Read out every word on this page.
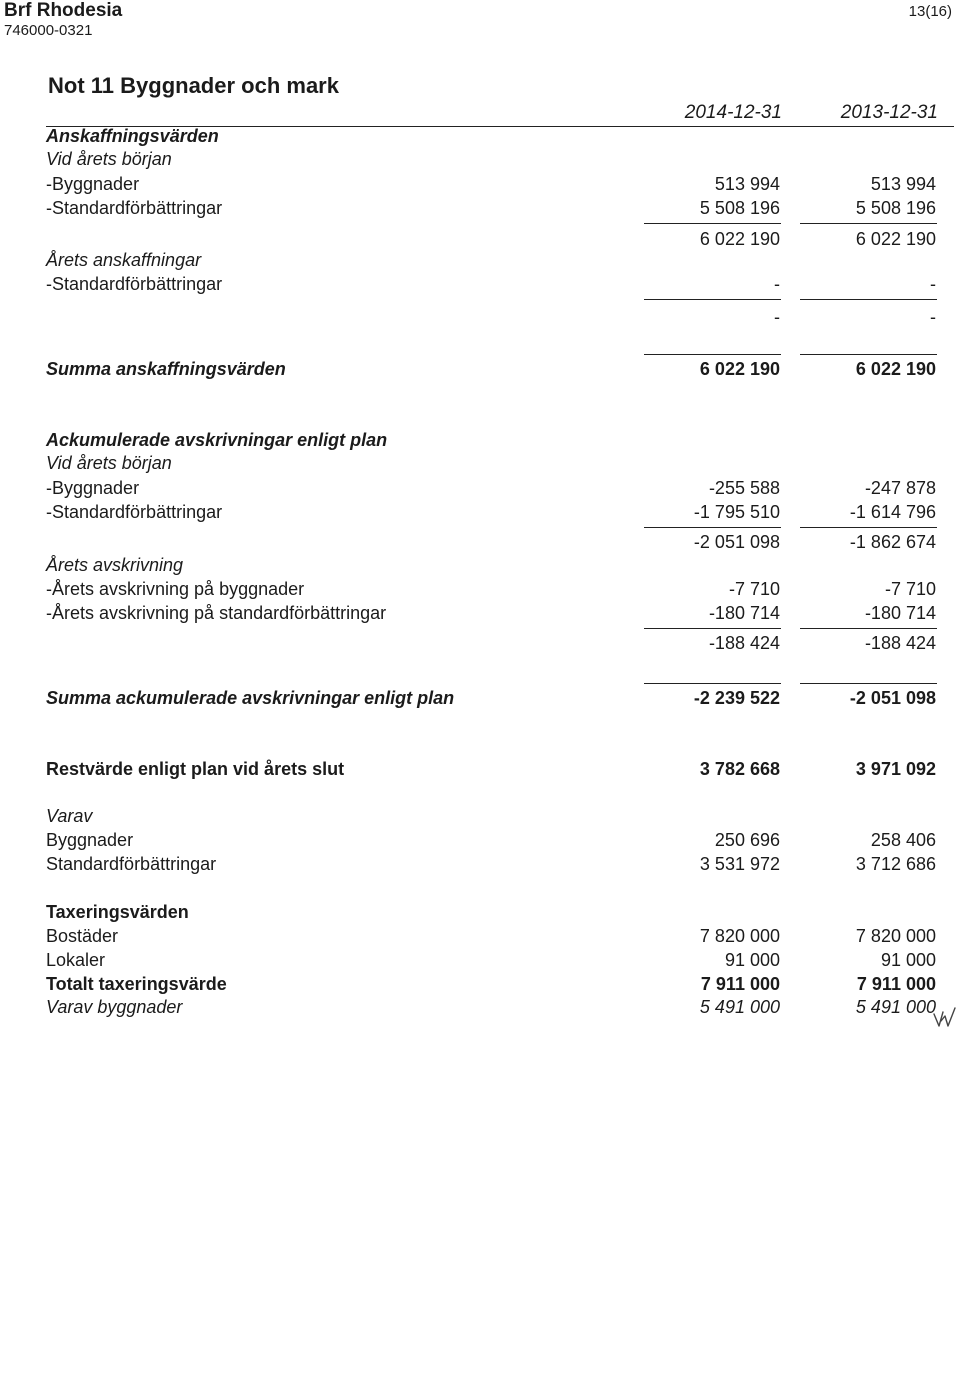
Brf Rhodesia
746000-0321
13(16)
Not 11 Byggnader och mark
2014-12-31	2013-12-31
Anskaffningsvärden
Vid årets början
-Byggnader	513 994	513 994
-Standardförbättringar	5 508 196	5 508 196
6 022 190	6 022 190
Årets anskaffningar
-Standardförbättringar	-	-
-	-
Summa anskaffningsvärden	6 022 190	6 022 190
Ackumulerade avskrivningar enligt plan
Vid årets början
-Byggnader	-255 588	-247 878
-Standardförbättringar	-1 795 510	-1 614 796
-2 051 098	-1 862 674
Årets avskrivning
-Årets avskrivning på byggnader	-7 710	-7 710
-Årets avskrivning på standardförbättringar	-180 714	-180 714
-188 424	-188 424
Summa ackumulerade avskrivningar enligt plan	-2 239 522	-2 051 098
Restvärde enligt plan vid årets slut	3 782 668	3 971 092
Varav
Byggnader	250 696	258 406
Standardförbättringar	3 531 972	3 712 686
Taxeringsvärden
Bostäder	7 820 000	7 820 000
Lokaler	91 000	91 000
Totalt taxeringsvärde	7 911 000	7 911 000
Varav byggnader	5 491 000	5 491 000
